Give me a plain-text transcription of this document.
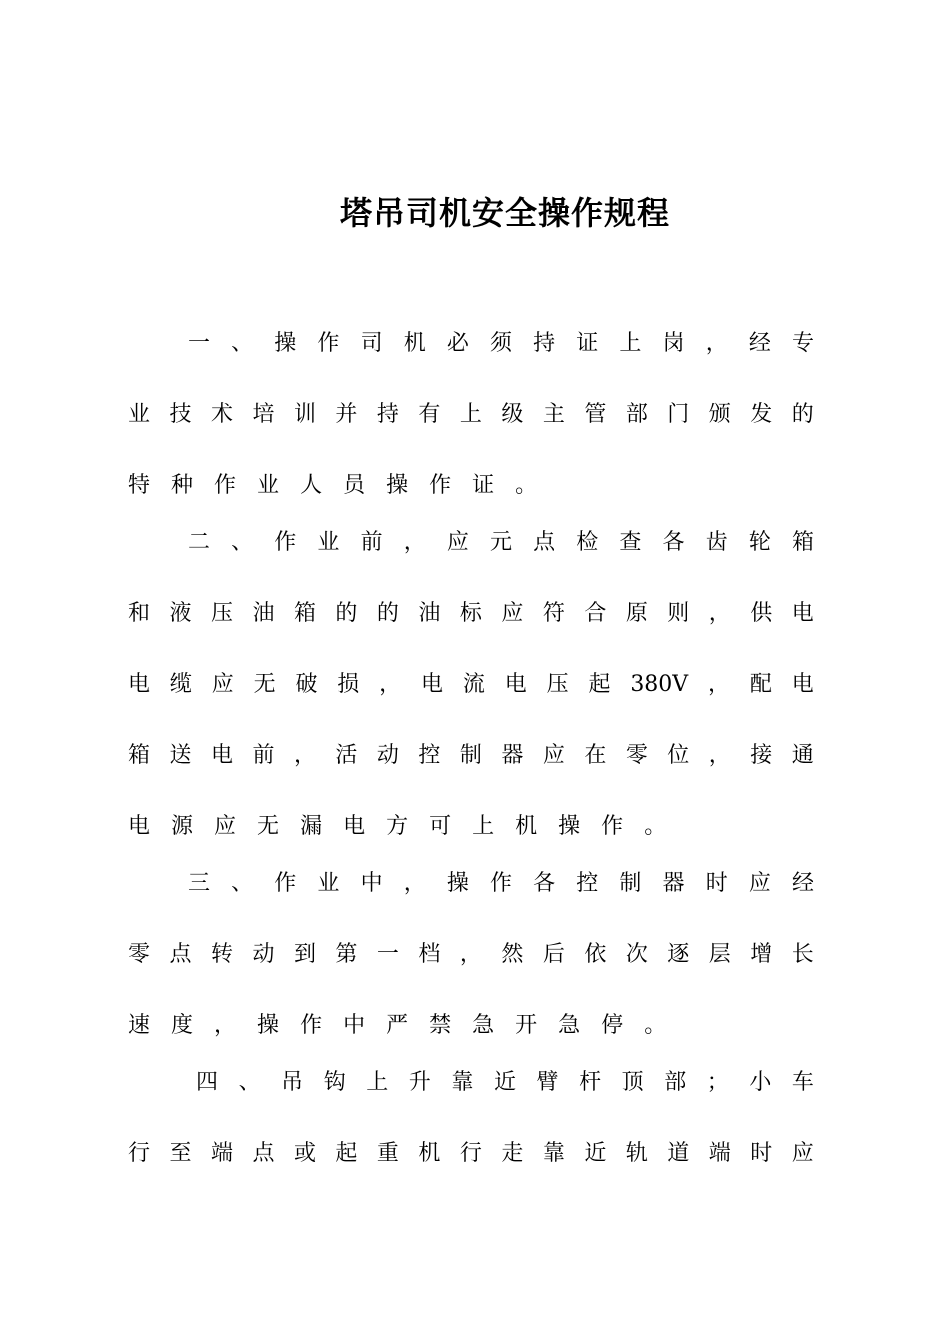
塔吊司机安全操作规程
一 、 操 作 司 机 必 须 持 证 上 岗 ， 经 专
业 技 术 培 训 并 持 有 上 级 主 管 部 门 颁 发 的
特 种 作 业 人 员 操 作 证 。
二 、 作 业 前 ， 应 元 点 检 查 各 齿 轮 箱
和 液 压 油 箱 的 的 油 标 应 符 合 原 则 ， 供 电
电 缆 应 无 破 损 ， 电 流 电 压 起 380V ， 配 电
箱 送 电 前 ， 活 动 控 制 器 应 在 零 位 ， 接 通
电 源 应 无 漏 电 方 可 上 机 操 作 。
三 、 作 业 中 ， 操 作 各 控 制 器 时 应 经
零 点 转 动 到 第 一 档 ， 然 后 依 次 逐 层 增 长
速 度 ， 操 作 中 严 禁 急 开 急 停 。
四 、 吊 钩 上 升 靠 近 臂 杆 顶 部 ； 小 车
行 至 端 点 或 起 重 机 行 走 靠 近 轨 道 端 时 应
